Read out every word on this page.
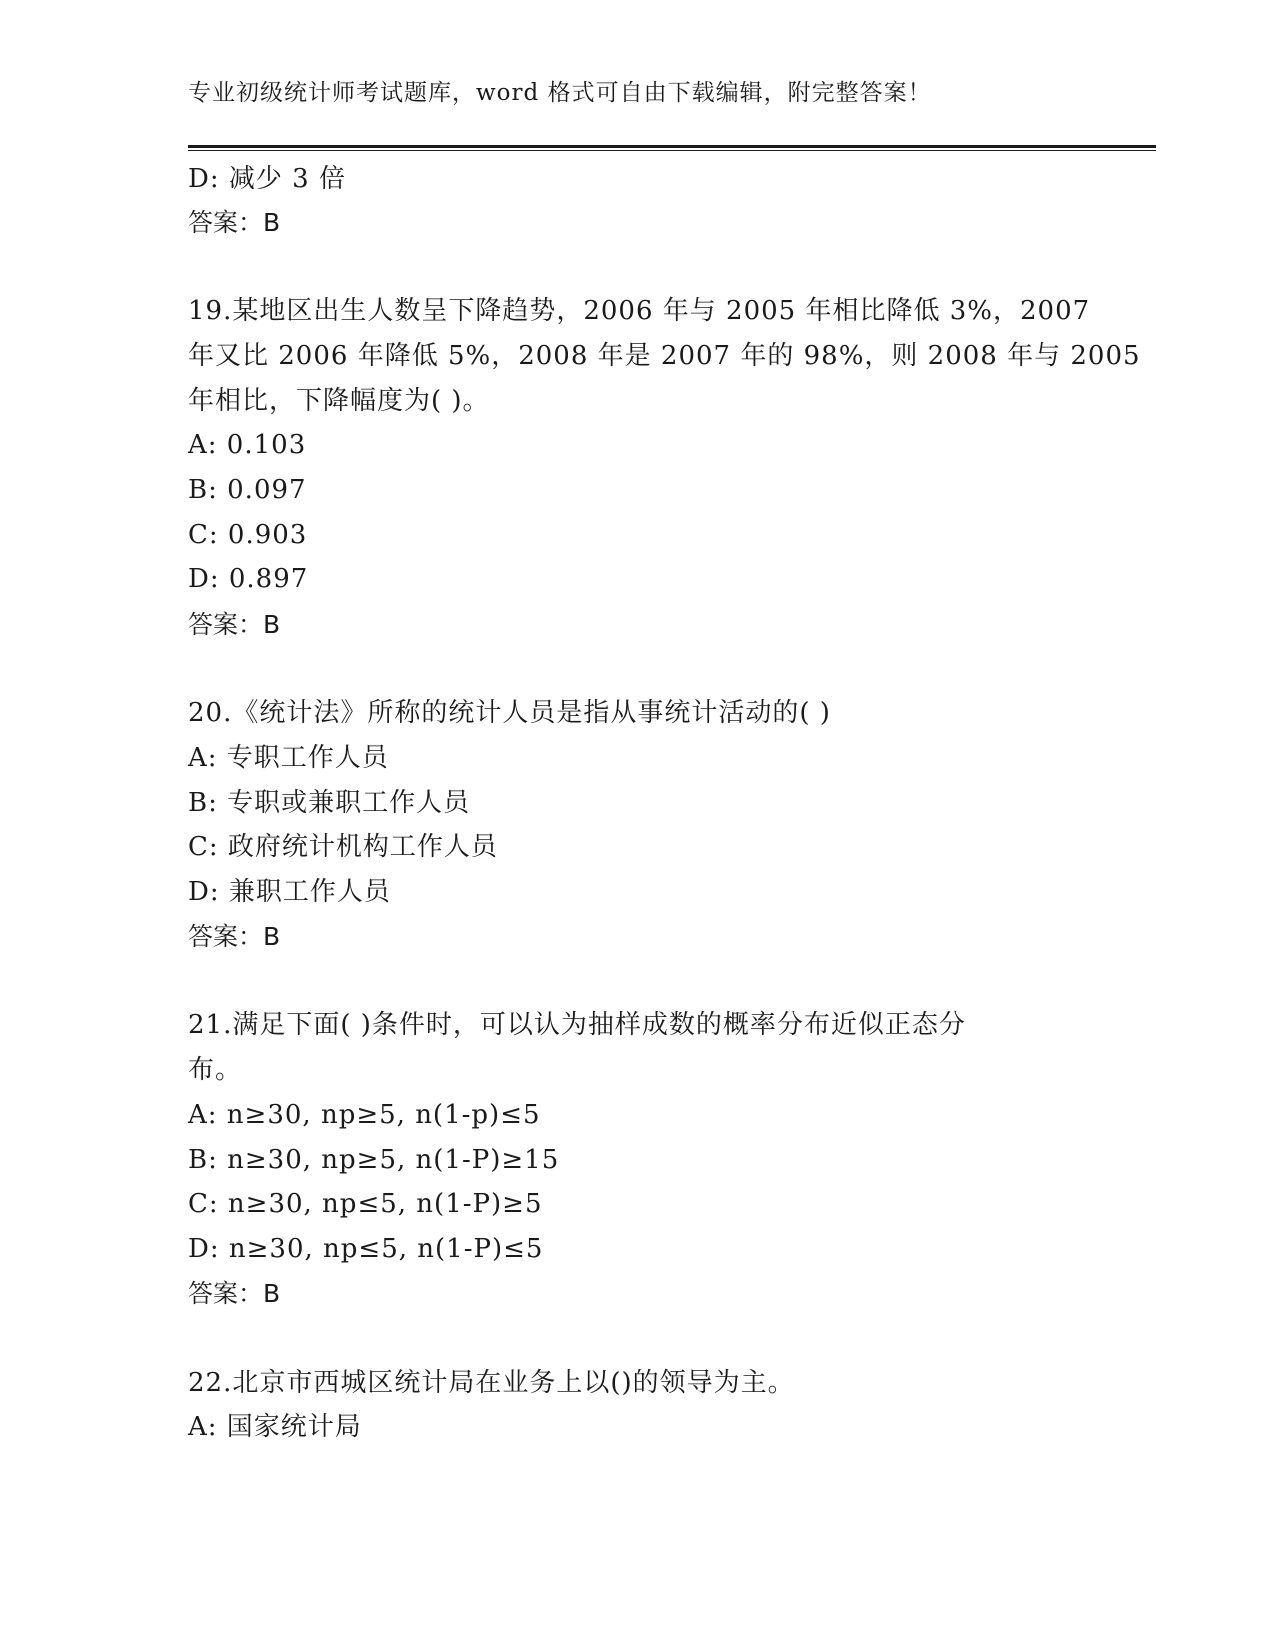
专业初级统计师考试题库，word 格式可自由下载编辑，附完整答案！
D: 减少 3 倍
答案：B
19.某地区出生人数呈下降趋势，2006 年与 2005 年相比降低 3%，2007
年又比 2006 年降低 5%，2008 年是 2007 年的 98%，则 2008 年与 2005
年相比，下降幅度为( )。
A: 0.103
B: 0.097
C: 0.903
D: 0.897
答案：B
20.《统计法》所称的统计人员是指从事统计活动的( )
A: 专职工作人员
B: 专职或兼职工作人员
C: 政府统计机构工作人员
D: 兼职工作人员
答案：B
21.满足下面( )条件时，可以认为抽样成数的概率分布近似正态分
布。
A: n≥30, np≥5, n(1-p)≤5
B: n≥30, np≥5, n(1-P)≥15
C: n≥30, np≤5, n(1-P)≥5
D: n≥30, np≤5, n(1-P)≤5
答案：B
22.北京市西城区统计局在业务上以()的领导为主。
A: 国家统计局
